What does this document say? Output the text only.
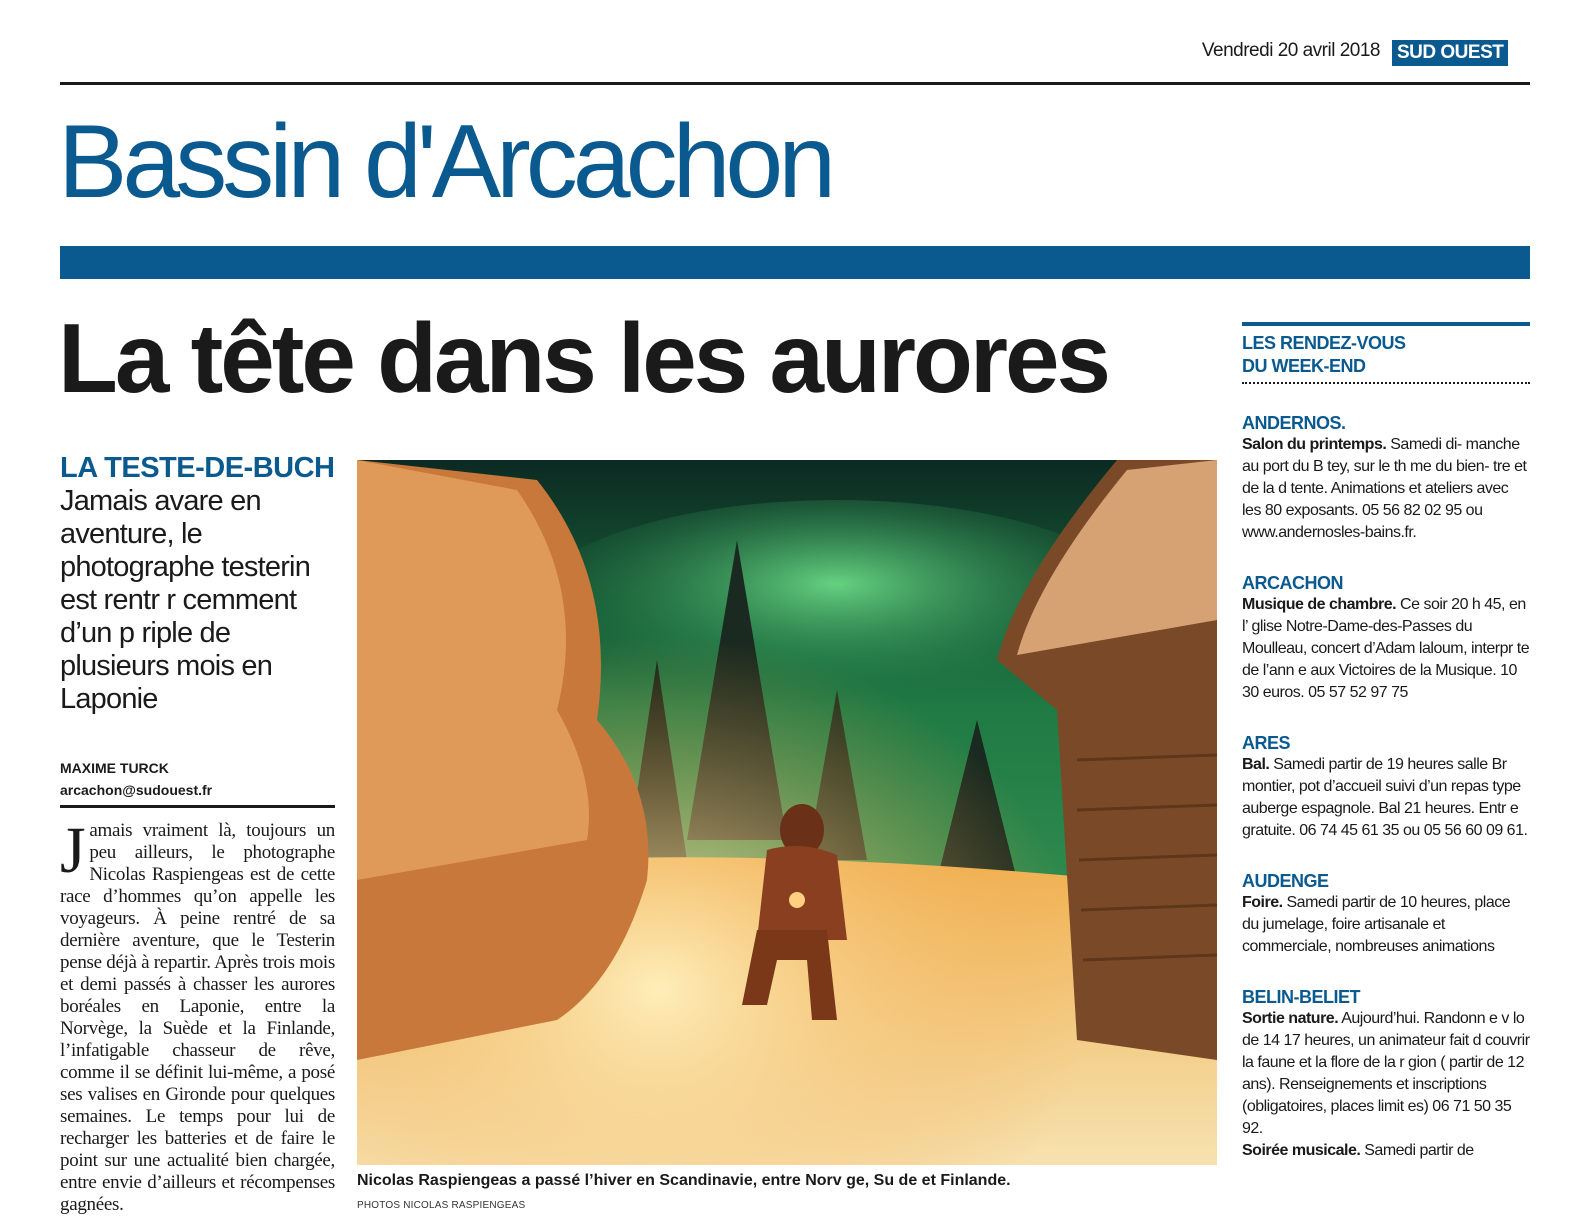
Vendredi 20 avril 2018 SUD OUEST
Bassin d'Arcachon
La tête dans les aurores
LA TESTE-DE-BUCH Jamais avare en aventure, le photographe testerin est rentr r cemment d’un p riple de plusieurs mois en Laponie
MAXIME TURCK
arcachon@sudouest.fr
Jamais vraiment là, toujours un peu ailleurs, le photographe Nicolas Raspiengeas est de cette race d’hommes qu’on appelle les voyageurs. À peine rentré de sa dernière aventure, que le Testerin pense déjà à repartir. Après trois mois et demi passés à chasser les aurores boréales en Laponie, entre la Norvège, la Suède et la Finlande, l’infatigable chasseur de rêve, comme il se définit lui-même, a posé ses valises en Gironde pour quelques semaines. Le temps pour lui de recharger les batteries et de faire le point sur une actualité bien chargée, entre envie d’ailleurs et récompenses gagnées.
Nicolas Raspiengeas a passé l’hiver en Scandinavie, entre Norv ge, Su de et Finlande.
PHOTOS NICOLAS RASPIENGEAS
LES RENDEZ-VOUS
DU WEEK-END
ANDERNOS.
Salon du printemps. Samedi di- manche au port du B tey, sur le th me du bien- tre et de la d tente. Animations et ateliers avec les 80 exposants. 05 56 82 02 95 ou www.andernosles-bains.fr.
ARCACHON
Musique de chambre. Ce soir 20 h 45, en l’ glise Notre-Dame-des-Passes du Moulleau, concert d’Adam laloum, interpr te de l’ann e aux Victoires de la Musique. 10 30 euros. 05 57 52 97 75
ARES
Bal. Samedi partir de 19 heures salle Br montier, pot d’accueil suivi d’un repas type auberge espagnole. Bal 21 heures. Entr e gratuite. 06 74 45 61 35 ou 05 56 60 09 61.
AUDENGE
Foire. Samedi partir de 10 heures, place du jumelage, foire artisanale et commerciale, nombreuses animations
BELIN-BELIET
Sortie nature. Aujourd’hui. Randonn e v lo de 14 17 heures, un animateur fait d couvrir la faune et la flore de la r gion ( partir de 12 ans). Renseignements et inscriptions (obligatoires, places limit es) 06 71 50 35 92.
Soirée musicale. Samedi partir de
